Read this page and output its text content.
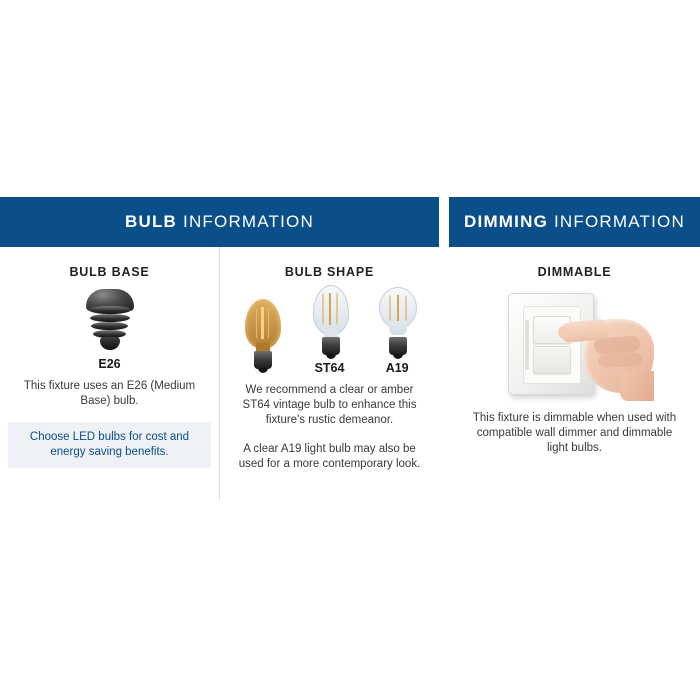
BULB INFORMATION
BULB BASE
E26
This fixture uses an E26 (Medium Base) bulb.
Choose LED bulbs for cost and energy saving benefits.
BULB SHAPE
ST64	A19
We recommend a clear or amber ST64 vintage bulb to enhance this fixture's rustic demeanor.
A clear A19 light bulb may also be used for a more contemporary look.
DIMMING INFORMATION
DIMMABLE
This fixture is dimmable when used with compatible wall dimmer and dimmable light bulbs.
